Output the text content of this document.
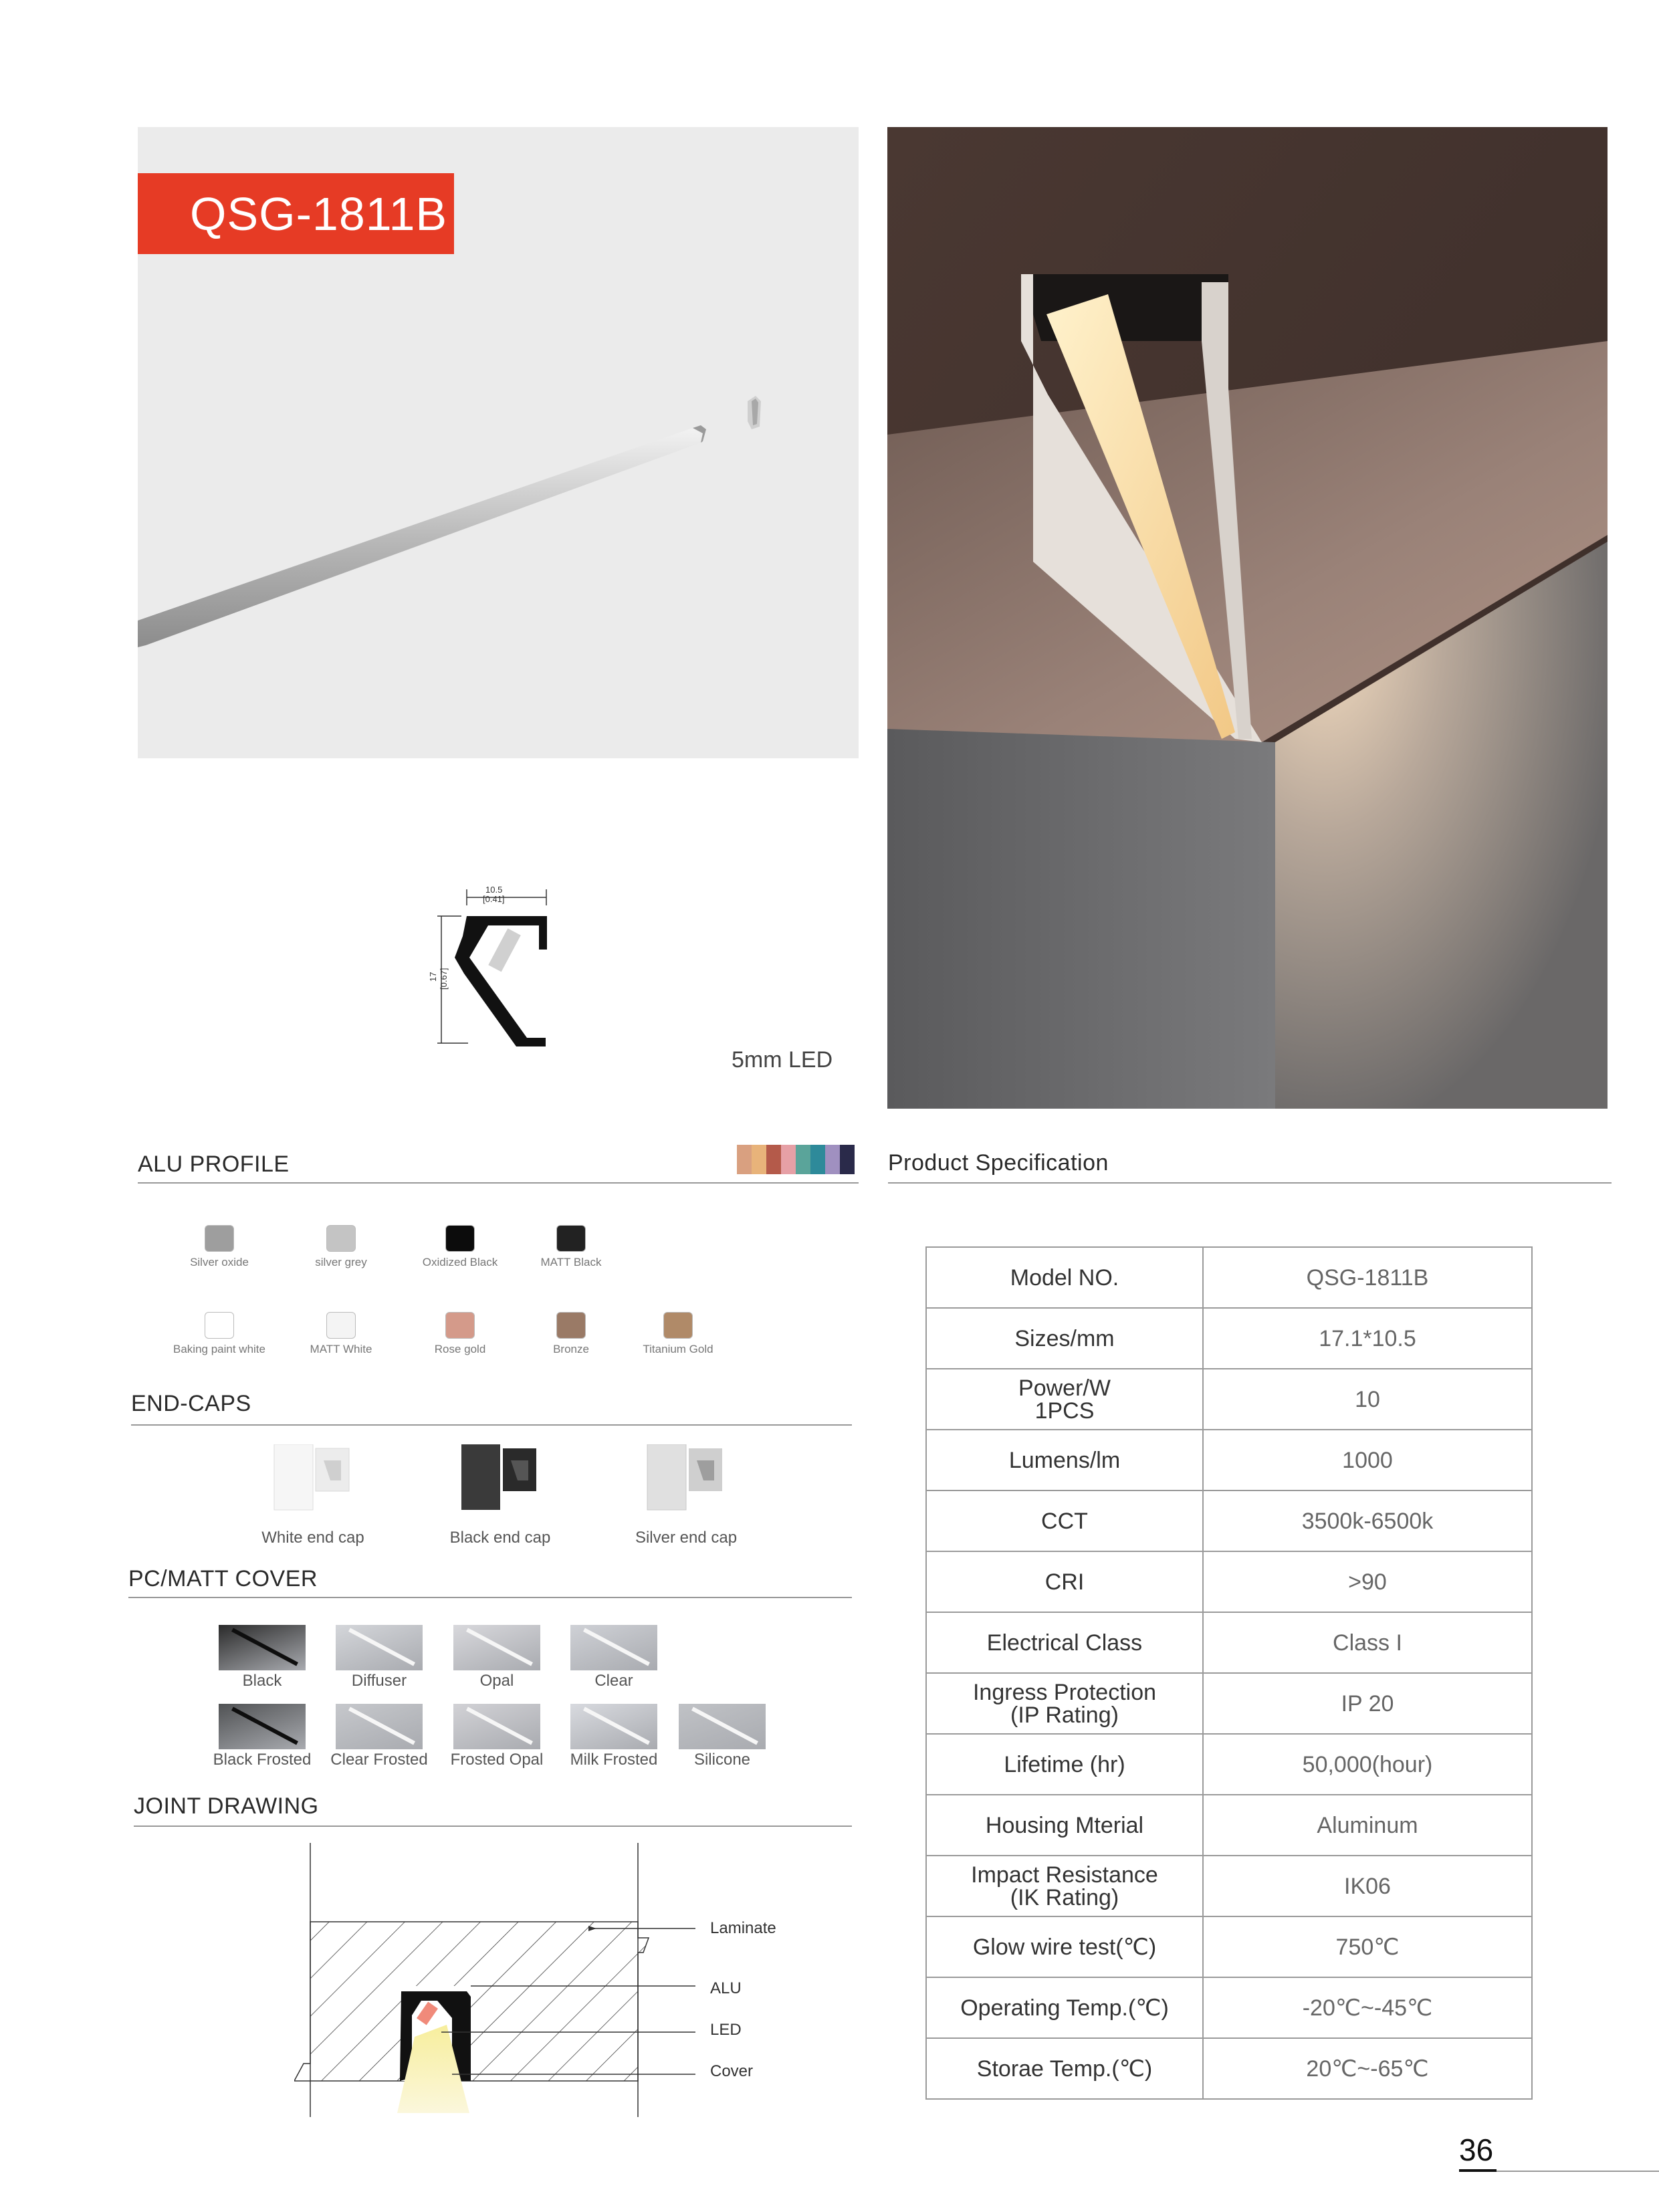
QSG-1811B
10.5
[0.41]
17 [0.67]
5mm LED
ALU PROFILE
Silver oxide	silver grey	Oxidized Black	MATT Black
Baking paint white	MATT White	Rose gold	Bronze	Titanium Gold
END-CAPS
White end cap	Black end cap	Silver end cap
PC/MATT COVER
Black	Diffuser	Opal	Clear
Black Frosted	Clear Frosted	Frosted Opal	Milk Frosted	Silicone
JOINT DRAWING
Laminate
ALU
LED
Cover
Product Specification
Model NO.	QSG-1811B
Sizes/mm	17.1*10.5
Power/W
1PCS	10
Lumens/lm	1000
CCT	3500k-6500k
CRI	>90
Electrical Class	Class I
Ingress Protection
(IP Rating)	IP 20
Lifetime (hr)	50,000(hour)
Housing Mterial	Aluminum
Impact Resistance
(IK Rating)	IK06
Glow wire test(℃)	750℃
Operating Temp.(℃)	-20℃~-45℃
Storae Temp.(℃)	20℃~-65℃
36
